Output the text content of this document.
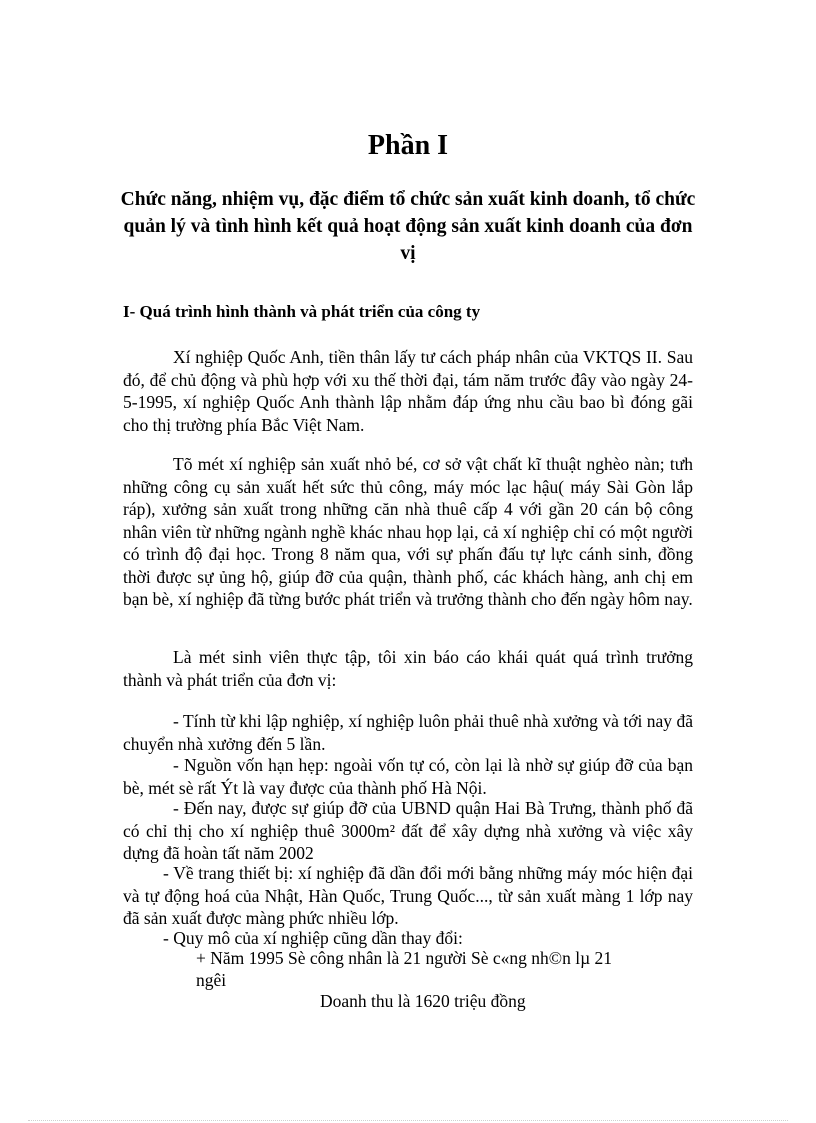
Phần I
Chức năng, nhiệm vụ, đặc điểm tổ chức sản xuất kinh doanh, tổ chức quản lý và tình hình kết quả hoạt động sản xuất kinh doanh của đơn vị
I- Quá trình hình thành và phát triển của công ty

Xí nghiệp Quốc Anh, tiền thân lấy tư cách pháp nhân của VKTQS II. Sau đó, để chủ động và phù hợp với xu thế thời đại, tám năm trước đây vào ngày 24-5-1995, xí nghiệp Quốc Anh thành lập nhằm đáp ứng nhu cầu bao bì đóng gãi cho thị trường phía Bắc Việt Nam.

Tõ mét xí nghiệp sản xuất nhỏ bé, cơ sở vật chất kĩ thuật nghèo nàn; tưh những công cụ sản xuất hết sức thủ công, máy móc lạc hậu( máy Sài Gòn lắp ráp), xưởng sản xuất trong những căn nhà thuê cấp 4 với gần 20 cán bộ công nhân viên từ những ngành nghề khác nhau họp lại, cả xí nghiệp chỉ có một người có trình độ đại học. Trong 8 năm qua, với sự phấn đấu tự lực cánh sinh, đồng thời được sự ủng hộ, giúp đỡ của quận, thành phố, các khách hàng, anh chị em bạn bè, xí nghiệp đã từng bước phát triển và trưởng thành cho đến ngày hôm nay.

Là mét sinh viên thực tập, tôi xin báo cáo khái quát quá trình trưởng thành và phát triển của đơn vị:

- Tính từ khi lập nghiệp, xí nghiệp luôn phải thuê nhà xưởng và tới nay đã chuyển nhà xưởng đến 5 lần.

- Nguồn vốn hạn hẹp: ngoài vốn tự có, còn lại là nhờ sự giúp đỡ của bạn bè, mét sè rất Ýt là vay được của thành phố Hà Nội.

- Đến nay, được sự giúp đỡ của UBND quận Hai Bà Trưng, thành phố đã có chỉ thị cho xí nghiệp thuê 3000m² đất để xây dựng nhà xưởng và việc xây dựng đã hoàn tất năm 2002

- Về trang thiết bị: xí nghiệp đã dần đổi mới bằng những máy móc hiện đại và tự động hoá của Nhật, Hàn Quốc, Trung Quốc..., từ sản xuất màng 1 lớp nay đã sản xuất được màng phức nhiều lớp.

- Quy mô của xí nghiệp cũng dần thay đổi:

+ Năm 1995 Sè công nhân là 21 người Sè c«ng nh©n lµ 21
ngêi
Doanh thu là 1620 triệu đồng
